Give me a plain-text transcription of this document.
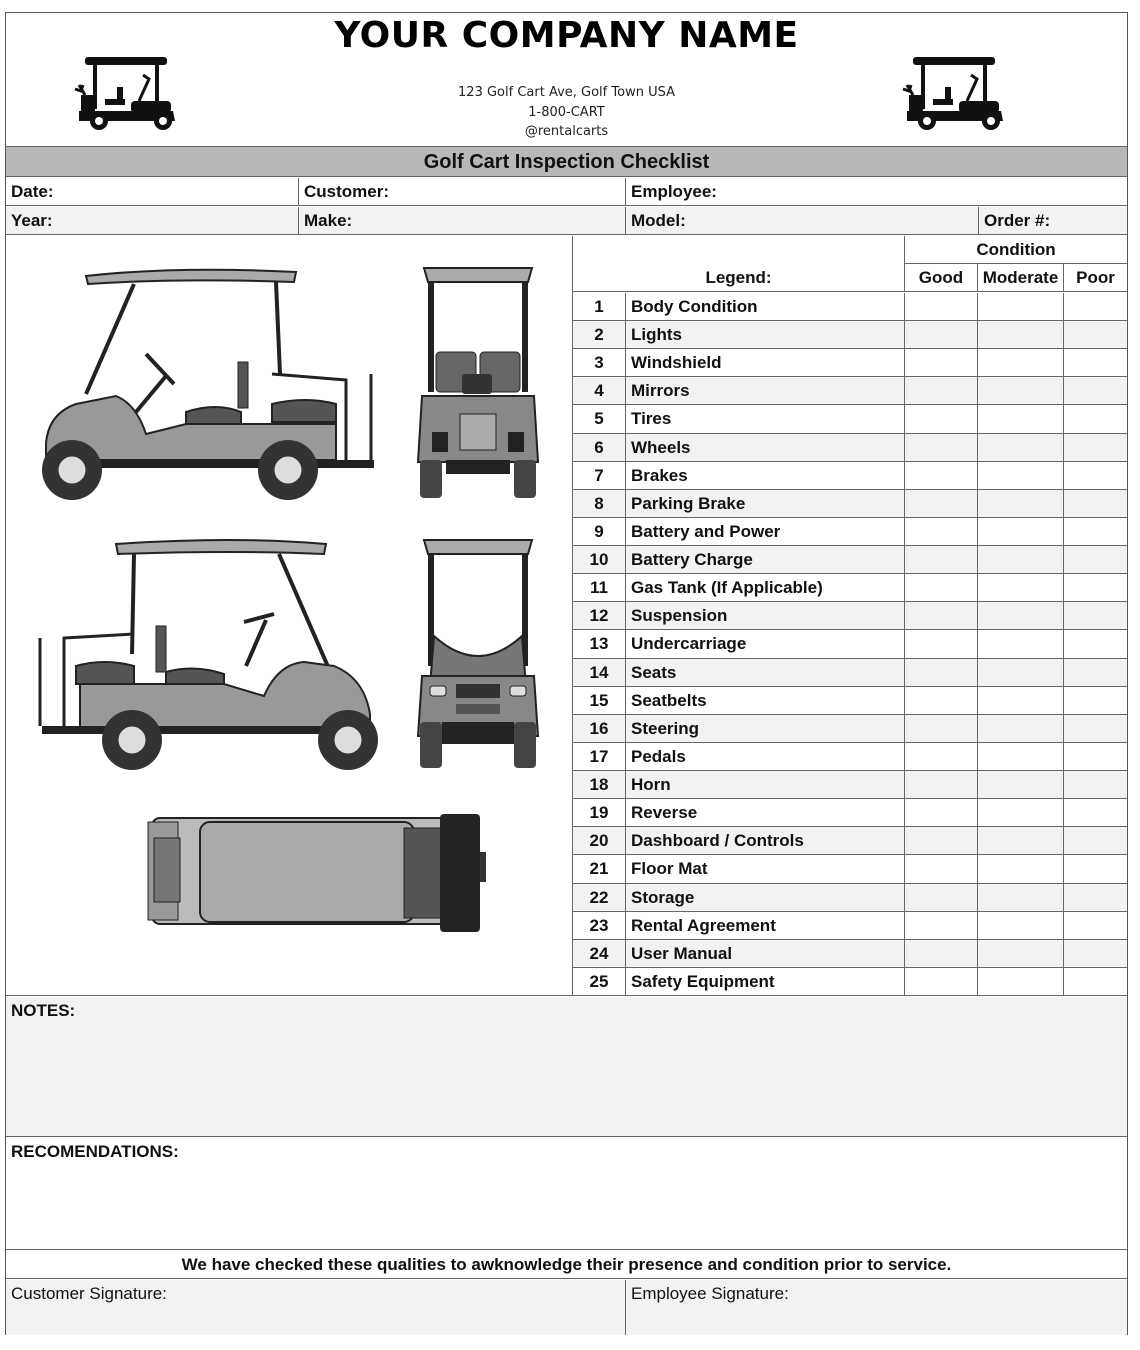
YOUR COMPANY NAME
123 Golf Cart Ave, Golf Town USA
1-800-CART
@rentalcarts
Golf Cart Inspection Checklist
Date:	Customer:	Employee:
Year:	Make:	Model:	Order #:
Condition
Legend:	Good	Moderate	Poor
1	Body Condition
2	Lights
3	Windshield
4	Mirrors
5	Tires
6	Wheels
7	Brakes
8	Parking Brake
9	Battery and Power
10	Battery Charge
11	Gas Tank (If Applicable)
12	Suspension
13	Undercarriage
14	Seats
15	Seatbelts
16	Steering
17	Pedals
18	Horn
19	Reverse
20	Dashboard / Controls
21	Floor Mat
22	Storage
23	Rental Agreement
24	User Manual
25	Safety Equipment
NOTES:
RECOMENDATIONS:
We have checked these qualities to awknowledge their presence and condition prior to service.
Customer Signature:	Employee Signature:
